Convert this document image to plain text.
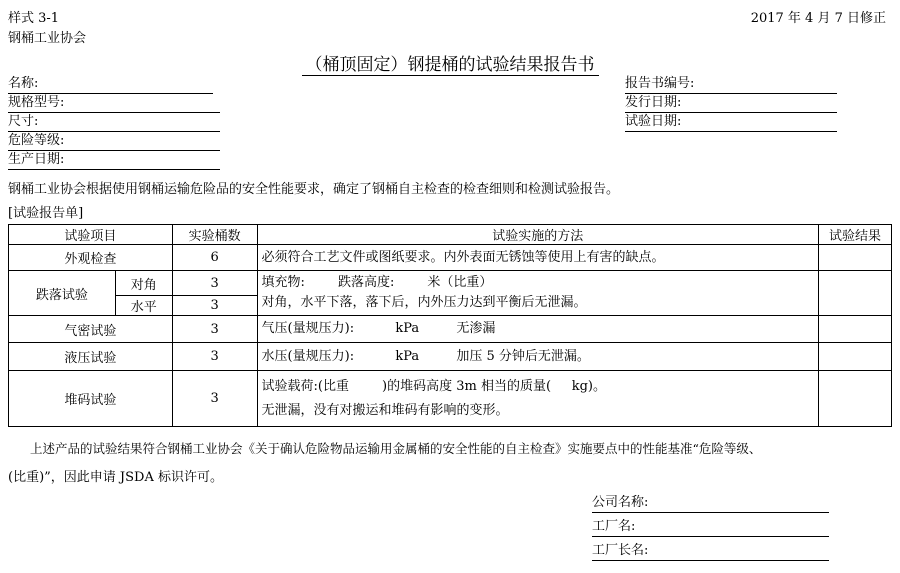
样式 3-1
钢桶工业协会
2017 年 4 月 7 日修正
（桶顶固定）钢提桶的试验结果报告书
名称:
规格型号:
尺寸:
危险等级:
生产日期:
报告书编号:
发行日期:
试验日期:
钢桶工业协会根据使用钢桶运输危险品的安全性能要求，确定了钢桶自主检查的检查细则和检测试验报告。
[试验报告单]
试验项目		实验桶数	试验实施的方法	试验结果
外观检查		6	必须符合工艺文件或图纸要求。内外表面无锈蚀等使用上有害的缺点。	
跌落试验	对角	3	填充物:        跌落高度:        米（比重）
对角，水平下落，落下后，内外压力达到平衡后无泄漏。	

	水平	3		
气密试验		3	气压(量规压力):          kPa         无渗漏	
液压试验		3	水压(量规压力):          kPa         加压 5 分钟后无泄漏。	
堆码试验		3	试验载荷:(比重        )的堆码高度 3m 相当的质量(     kg)。
无泄漏，没有对搬运和堆码有影响的变形。	

上述产品的试验结果符合钢桶工业协会《关于确认危险物品运输用金属桶的安全性能的自主检查》实施要点中的性能基准“危险等级、
(比重)”，因此申请 JSDA 标识许可。
公司名称:
工厂名:
工厂长名:
